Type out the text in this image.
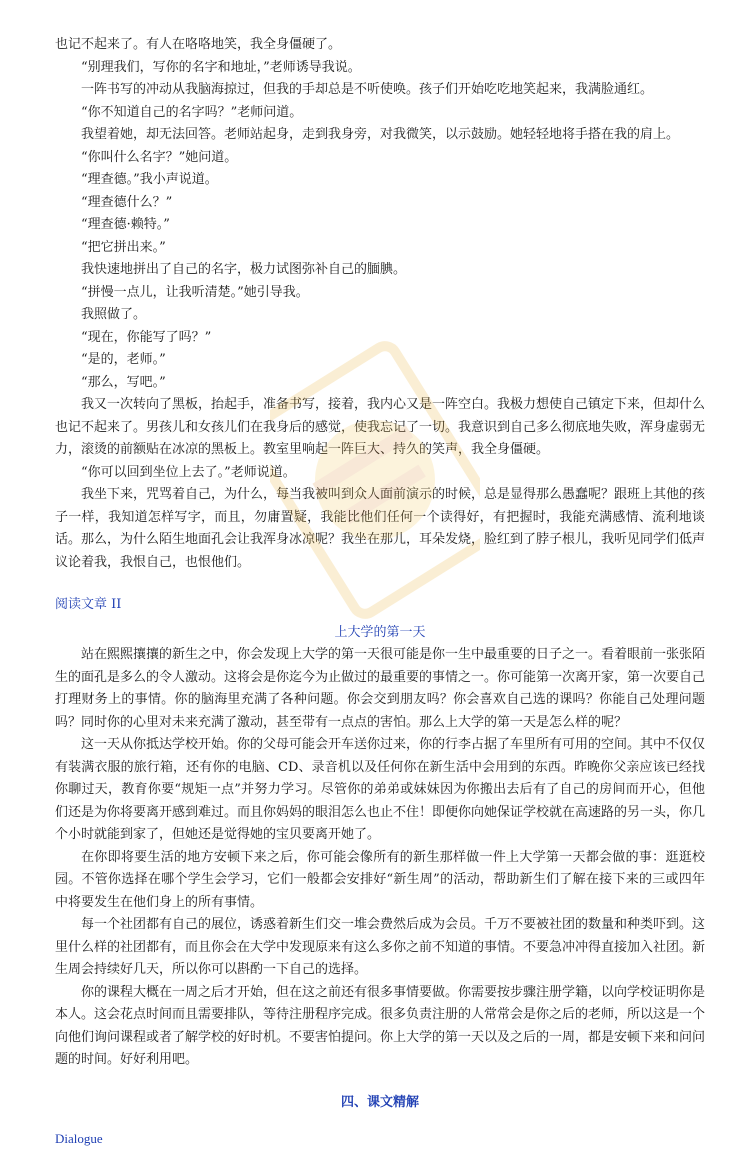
也记不起来了。有人在咯咯地笑，我全身僵硬了。

“别理我们，写你的名字和地址，”老师诱导我说。

一阵书写的冲动从我脑海掠过，但我的手却总是不听使唤。孩子们开始吃吃地笑起来，我满脸通红。

“你不知道自己的名字吗？”老师问道。

我望着她，却无法回答。老师站起身，走到我身旁，对我微笑，以示鼓励。她轻轻地将手搭在我的肩上。

“你叫什么名字？”她问道。

“理查德。”我小声说道。

“理查德什么？”

“理查德·赖特。”

“把它拼出来。”

我快速地拼出了自己的名字，极力试图弥补自己的腼腆。

“拼慢一点儿，让我听清楚。”她引导我。

我照做了。

“现在，你能写了吗？”

“是的，老师。”

“那么，写吧。”

我又一次转向了黑板，抬起手，准备书写，接着，我内心又是一阵空白。我极力想使自己镇定下来，但却什么也记不起来了。男孩儿和女孩儿们在我身后的感觉，使我忘记了一切。我意识到自己多么彻底地失败，浑身虚弱无力，滚烫的前额贴在冰凉的黑板上。教室里响起一阵巨大、持久的笑声，我全身僵硬。

“你可以回到坐位上去了。”老师说道。

我坐下来，咒骂着自己，为什么，每当我被叫到众人面前演示的时候，总是显得那么愚蠢呢？跟班上其他的孩子一样，我知道怎样写字，而且，勿庸置疑，我能比他们任何一个读得好，有把握时，我能充满感情、流利地谈话。那么，为什么陌生地面孔会让我浑身冰凉呢？我坐在那儿，耳朵发烧，脸红到了脖子根儿，我听见同学们低声议论着我，我恨自己，也恨他们。

阅读文章 II
上大学的第一天

站在熙熙攘攘的新生之中，你会发现上大学的第一天很可能是你一生中最重要的日子之一。看着眼前一张张陌生的面孔是多么的令人激动。这将会是你迄今为止做过的最重要的事情之一。你可能第一次离开家，第一次要自己打理财务上的事情。你的脑海里充满了各种问题。你会交到朋友吗？你会喜欢自己选的课吗？你能自己处理问题吗？同时你的心里对未来充满了激动，甚至带有一点点的害怕。那么上大学的第一天是怎么样的呢？

这一天从你抵达学校开始。你的父母可能会开车送你过来，你的行李占据了车里所有可用的空间。其中不仅仅有装满衣服的旅行箱，还有你的电脑、CD、录音机以及任何你在新生活中会用到的东西。昨晚你父亲应该已经找你聊过天，教育你要“规矩一点”并努力学习。尽管你的弟弟或妹妹因为你搬出去后有了自己的房间而开心，但他们还是为你将要离开感到难过。而且你妈妈的眼泪怎么也止不住！即便你向她保证学校就在高速路的另一头，你几个小时就能到家了，但她还是觉得她的宝贝要离开她了。

在你即将要生活的地方安顿下来之后，你可能会像所有的新生那样做一件上大学第一天都会做的事：逛逛校园。不管你选择在哪个学生会学习，它们一般都会安排好“新生周”的活动，帮助新生们了解在接下来的三或四年中将要发生在他们身上的所有事情。

每一个社团都有自己的展位，诱惑着新生们交一堆会费然后成为会员。千万不要被社团的数量和种类吓到。这里什么样的社团都有，而且你会在大学中发现原来有这么多你之前不知道的事情。不要急冲冲得直接加入社团。新生周会持续好几天，所以你可以斟酌一下自己的选择。

你的课程大概在一周之后才开始，但在这之前还有很多事情要做。你需要按步骤注册学籍，以向学校证明你是本人。这会花点时间而且需要排队，等待注册程序完成。很多负责注册的人常常会是你之后的老师，所以这是一个向他们询问课程或者了解学校的好时机。不要害怕提问。你上大学的第一天以及之后的一周，都是安顿下来和问问题的时间。好好利用吧。

四、课文精解
Dialogue
